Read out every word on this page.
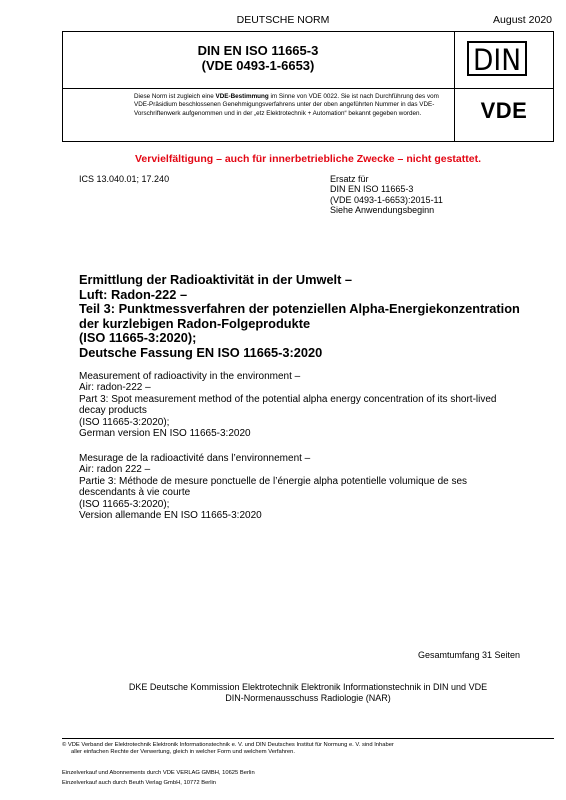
DEUTSCHE NORM	August 2020
DIN EN ISO 11665-3
(VDE 0493-1-6653)
Diese Norm ist zugleich eine VDE-Bestimmung im Sinne von VDE 0022. Sie ist nach Durchführung des vom VDE-Präsidium beschlossenen Genehmigungsverfahrens unter der oben angeführten Nummer in das VDE-Vorschriftenwerk aufgenommen und in der „etz Elektrotechnik + Automation“ bekannt gegeben worden.
DIN
VDE
Vervielfältigung – auch für innerbetriebliche Zwecke – nicht gestattet.
ICS 13.040.01; 17.240	Ersatz für
DIN EN ISO 11665-3
(VDE 0493-1-6653):2015-11
Siehe Anwendungsbeginn
Ermittlung der Radioaktivität in der Umwelt –
Luft: Radon-222 –
Teil 3: Punktmessverfahren der potenziellen Alpha-Energiekonzentration
der kurzlebigen Radon-Folgeprodukte
(ISO 11665-3:2020);
Deutsche Fassung EN ISO 11665-3:2020
Measurement of radioactivity in the environment –
Air: radon-222 –
Part 3: Spot measurement method of the potential alpha energy concentration of its short-lived
decay products
(ISO 11665-3:2020);
German version EN ISO 11665-3:2020
Mesurage de la radioactivité dans l’environnement –
Air: radon 222 –
Partie 3: Méthode de mesure ponctuelle de l’énergie alpha potentielle volumique de ses
descendants à vie courte
(ISO 11665-3:2020);
Version allemande EN ISO 11665-3:2020
Gesamtumfang 31 Seiten
DKE Deutsche Kommission Elektrotechnik Elektronik Informationstechnik in DIN und VDE
DIN-Normenausschuss Radiologie (NAR)
© VDE Verband der Elektrotechnik Elektronik Informationstechnik e. V. und DIN Deutsches Institut für Normung e. V. sind Inhaber
aller einfachen Rechte der Verwertung, gleich in welcher Form und welchem Verfahren.
Einzelverkauf und Abonnements durch VDE VERLAG GMBH, 10625 Berlin
Einzelverkauf auch durch Beuth Verlag GmbH, 10772 Berlin
